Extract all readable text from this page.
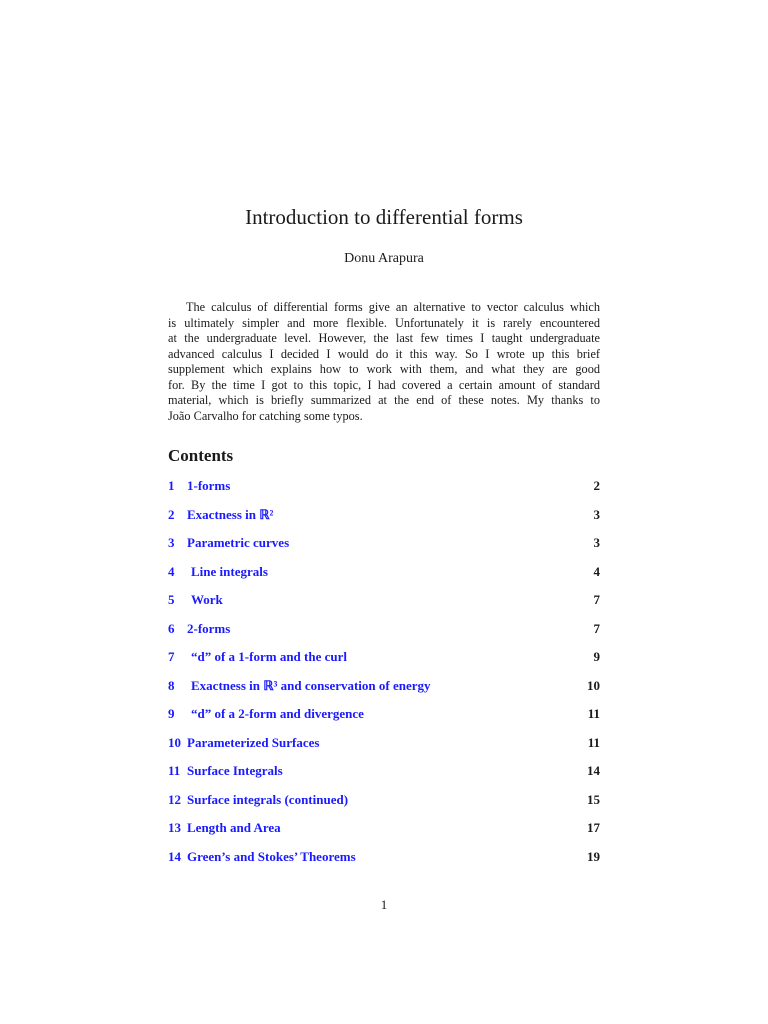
Introduction to differential forms
Donu Arapura
The calculus of differential forms give an alternative to vector calculus which
is ultimately simpler and more flexible. Unfortunately it is rarely encountered
at the undergraduate level. However, the last few times I taught undergraduate
advanced calculus I decided I would do it this way. So I wrote up this brief
supplement which explains how to work with them, and what they are good
for. By the time I got to this topic, I had covered a certain amount of standard
material, which is briefly summarized at the end of these notes. My thanks to
João Carvalho for catching some typos.
Contents
1 1-forms	2
2 Exactness in ℝ²	3
3 Parametric curves	3
4 Line integrals	4
5 Work	7
6 2-forms	7
7 “d” of a 1-form and the curl	9
8 Exactness in ℝ³ and conservation of energy	10
9 “d” of a 2-form and divergence	11
10 Parameterized Surfaces	11
11 Surface Integrals	14
12 Surface integrals (continued)	15
13 Length and Area	17
14 Green’s and Stokes’ Theorems	19
1
